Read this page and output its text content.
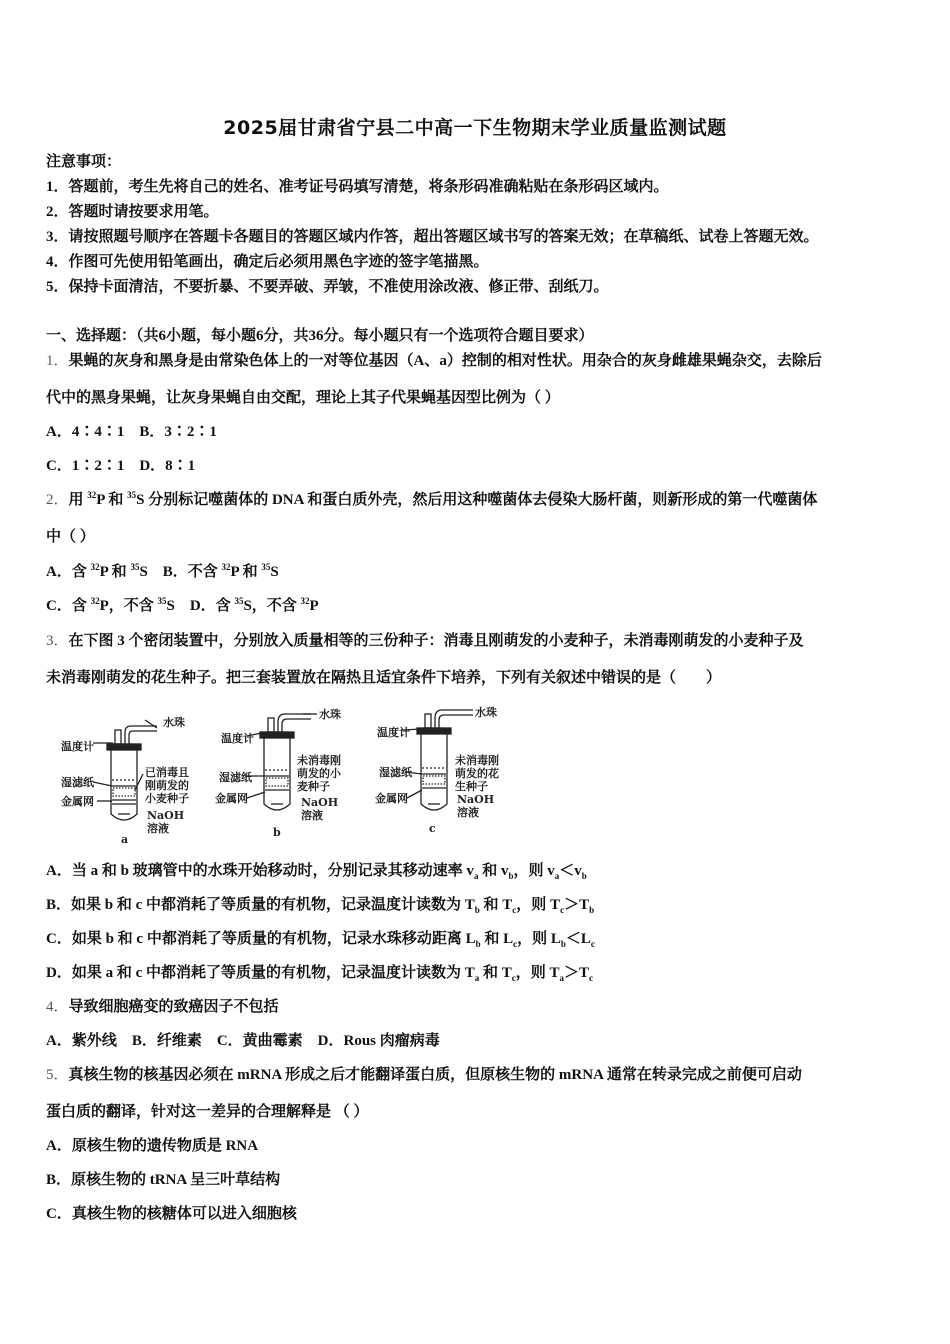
2025届甘肃省宁县二中高一下生物期末学业质量监测试题
注意事项：
1．答题前，考生先将自己的姓名、准考证号码填写清楚，将条形码准确粘贴在条形码区域内。
2．答题时请按要求用笔。
3．请按照题号顺序在答题卡各题目的答题区域内作答，超出答题区域书写的答案无效；在草稿纸、试卷上答题无效。
4．作图可先使用铅笔画出，确定后必须用黑色字迹的签字笔描黑。
5．保持卡面清洁，不要折暴、不要弄破、弄皱，不准使用涂改液、修正带、刮纸刀。
一、选择题：（共6小题，每小题6分，共36分。每小题只有一个选项符合题目要求）
1．果蝇的灰身和黑身是由常染色体上的一对等位基因（A、a）控制的相对性状。用杂合的灰身雌雄果蝇杂交，去除后
代中的黑身果蝇，让灰身果蝇自由交配，理论上其子代果蝇基因型比例为（ ）
A．4∶4∶1　B．3∶2∶1
C．1∶2∶1　D．8∶1
2．用 $^{32}$P 和 $^{35}$S 分别标记噬菌体的 DNA 和蛋白质外壳，然后用这种噬菌体去侵染大肠杆菌，则新形成的第一代噬菌体
中（ ）
A．含 $^{32}$P 和 $^{35}$S　B．不含 $^{32}$P 和 $^{35}$S
C．含 $^{32}$P，不含 $^{35}$S　D．含 $^{35}$S，不含 $^{32}$P
3．在下图 3 个密闭装置中，分别放入质量相等的三份种子：消毒且刚萌发的小麦种子，未消毒刚萌发的小麦种子及
未消毒刚萌发的花生种子。把三套装置放在隔热且适宜条件下培养，下列有关叙述中错误的是（　　）
温度计
水珠
湿滤纸
金属网
已消毒且
刚萌发的
小麦种子
NaOH
溶液
a
温度计
水珠
湿滤纸
金属网
未消毒刚
萌发的小
麦种子
NaOH
溶液
b
温度计
水珠
湿滤纸
金属网
未消毒刚
萌发的花
生种子
NaOH
溶液
c
A．当 a 和 b 玻璃管中的水珠开始移动时，分别记录其移动速率 $v_a$ 和 $v_b$，则 $v_a<v_b$
B．如果 b 和 c 中都消耗了等质量的有机物，记录温度计读数为 $T_b$ 和 $T_c$，则 $T_c>T_b$
C．如果 b 和 c 中都消耗了等质量的有机物，记录水珠移动距离 $L_b$ 和 $L_c$，则 $L_b<L_c$
D．如果 a 和 c 中都消耗了等质量的有机物，记录温度计读数为 $T_a$ 和 $T_c$，则 $T_a>T_c$
4．导致细胞癌变的致癌因子不包括
A．紫外线　B．纤维素　C．黄曲霉素　D．Rous 肉瘤病毒
5．真核生物的核基因必须在 mRNA 形成之后才能翻译蛋白质，但原核生物的 mRNA 通常在转录完成之前便可启动
蛋白质的翻译，针对这一差异的合理解释是 （ ）
A．原核生物的遗传物质是 RNA
B．原核生物的 tRNA 呈三叶草结构
C．真核生物的核糖体可以进入细胞核
